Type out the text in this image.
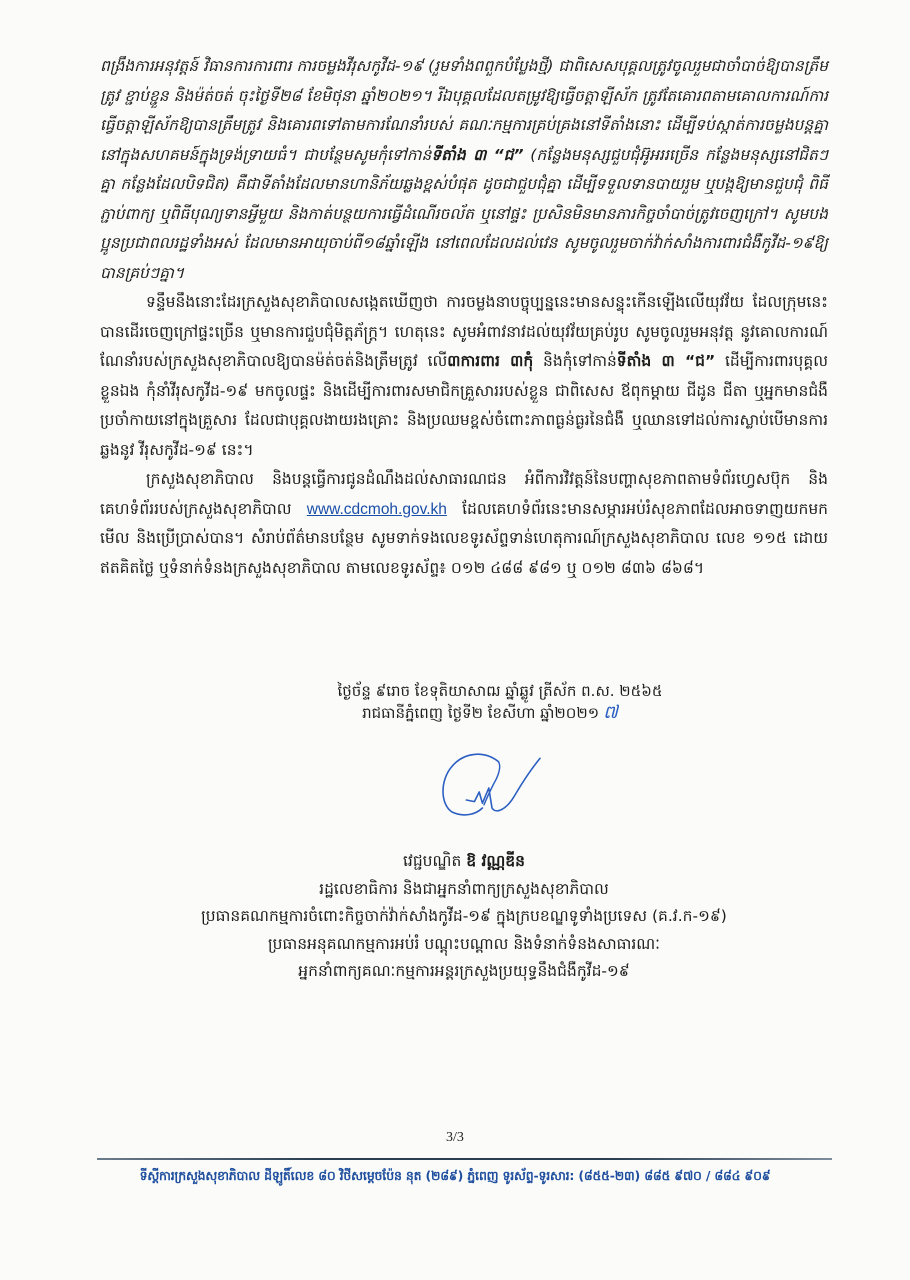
ពង្រឹងការអនុវត្តន៍ វិធានការការពារ ការចម្លងវីរុសកូវីដ-១៩ (រួមទាំងពពួកបំប្លែងថ្មី) ជាពិសេសបុគ្គលត្រូវចូលរួមជាចាំបាច់ឱ្យបានត្រឹមត្រូវ ខ្ជាប់ខ្ជួន និងម៉ត់ចត់ ចុះថ្ងៃទី២៨ ខែមិថុនា ឆ្នាំ២០២១។ រីឯបុគ្គលដែលតម្រូវឱ្យធ្វើចត្តាឡីស័ក ត្រូវតែគោរពតាមគោលការណ៍ការធ្វើចត្តាឡីស័កឱ្យបានត្រឹមត្រូវ និងគោរពទៅតាមការណែនាំរបស់ គណៈកម្មការគ្រប់គ្រងនៅទីតាំងនោះ ដើម្បីទប់ស្កាត់ការចម្លងបន្តគ្នានៅក្នុងសហគមន៍ក្នុងទ្រង់ទ្រាយធំ។ ជាបន្ថែមសូមកុំទៅកាន់ទីតាំង ៣ “ជ” (កន្លែងមនុស្សជួបជុំអ៊ូអររច្រើន កន្លែងមនុស្សនៅជិតៗគ្នា កន្លែងដែលបិទជិត) គឺជាទីតាំងដែលមានហានិភ័យឆ្លងខ្ពស់បំផុត ដូចជាជួបជុំគ្នា ដើម្បីទទួលទានបាយរួម ឬបង្កឱ្យមានជួបជុំ ពិធីភ្ជាប់ពាក្យ ឬពិធីបុណ្យទានអ្វីមួយ និងកាត់បន្ថយការធ្វើដំណើរចល័ត ឬនៅផ្ទះ ប្រសិនមិនមានភារកិច្ចចាំបាច់ត្រូវចេញក្រៅ។ សូមបងប្អូនប្រជាពលរដ្ឋទាំងអស់ ដែលមានអាយុចាប់ពី១៨ឆ្នាំឡើង នៅពេលដែលដល់វេន សូមចូលរួមចាក់វ៉ាក់សាំងការពារជំងឺកូវីដ-១៩ឱ្យបានគ្រប់ៗគ្នា។

ទន្ទឹមនឹងនោះដែរក្រសួងសុខាភិបាលសង្កេតឃើញថា ការចម្លងនាបច្ចុប្បន្ននេះមានសន្ទុះកើនឡើងលើយុវវ័យ ដែលក្រុមនេះបានដើរចេញក្រៅផ្ទះច្រើន ឬមានការជួបជុំមិត្តភ័ក្ត្រ។ ហេតុនេះ សូមអំពាវនាវដល់យុវវ័យគ្រប់រូប សូមចូលរួមអនុវត្ត នូវគោលការណ៍ណែនាំរបស់ក្រសួងសុខាភិបាលឱ្យបានម៉ត់ចត់និងត្រឹមត្រូវ លើ៣ការពារ ៣កុំ និងកុំទៅកាន់ទីតាំង ៣ “ជ” ដើម្បីការពារបុគ្គលខ្លួនឯង កុំនាំវីរុសកូវីដ-១៩ មកចូលផ្ទះ និងដើម្បីការពារសមាជិកគ្រួសាររបស់ខ្លួន ជាពិសេស ឪពុកម្តាយ ជីដូន ជីតា ឬអ្នកមានជំងឺប្រចាំកាយនៅក្នុងគ្រួសារ ដែលជាបុគ្គលងាយរងគ្រោះ និងប្រឈមខ្ពស់ចំពោះភាពធ្ងន់ធ្ងរនៃជំងឺ ឬឈានទៅដល់ការស្លាប់បើមានការឆ្លងនូវ វីរុសកូវីដ-១៩ នេះ។

ក្រសួងសុខាភិបាល និងបន្តធ្វើការជូនដំណឹងដល់សាធារណជន អំពីការវិវត្តន៍នៃបញ្ហាសុខភាពតាមទំព័រហ្វេសប៊ុក និងគេហទំព័ររបស់ក្រសួងសុខាភិបាល www.cdcmoh.gov.kh ដែលគេហទំព័រនេះមានសម្ភារអប់រំសុខភាពដែលអាចទាញយកមកមើល និងប្រើប្រាស់បាន។ សំរាប់ព័ត៌មានបន្ថែម សូមទាក់ទងលេខទូរស័ព្ទទាន់ហេតុការណ៍ក្រសួងសុខាភិបាល លេខ ១១៥ ដោយឥតគិតថ្លៃ ឬទំនាក់ទំនងក្រសួងសុខាភិបាល តាមលេខទូរស័ព្ទ៖ ០១២ ៤៨៨ ៩៨១ ឬ ០១២ ៨៣៦ ៨៦៨។

ថ្ងៃច័ន្ទ ៩រោច ខែទុតិយាសាឍ ឆ្នាំឆ្លូវ ត្រីស័ក ព.ស. ២៥៦៥
រាជធានីភ្នំពេញ ថ្ងៃទី២ ខែសីហា ឆ្នាំ២០២១ ៧
វេជ្ជបណ្ឌិត ឱ វណ្ណឌីន
រដ្ឋលេខាធិការ និងជាអ្នកនាំពាក្យក្រសួងសុខាភិបាល
ប្រធានគណកម្មការចំពោះកិច្ចចាក់វ៉ាក់សាំងកូវីដ-១៩ ក្នុងក្របខណ្ឌទូទាំងប្រទេស (គ.វ.ក-១៩)
ប្រធានអនុគណកម្មការអប់រំ បណ្តុះបណ្តាល និងទំនាក់ទំនងសាធារណៈ
អ្នកនាំពាក្យគណៈកម្មការអន្តរក្រសួងប្រយុទ្ធនឹងជំងឺកូវីដ-១៩
3/3
ទីស្តីការក្រសួងសុខាភិបាល ដីឡូតិ៍លេខ ៨០ វិថីសម្តេចប៉ែន នុត (២៨៩) ភ្នំពេញ ទូរស័ព្ទ-ទូរសារ: (៨៥៥-២៣) ៨៨៥ ៩៧០ / ៨៨៤ ៩០៩
